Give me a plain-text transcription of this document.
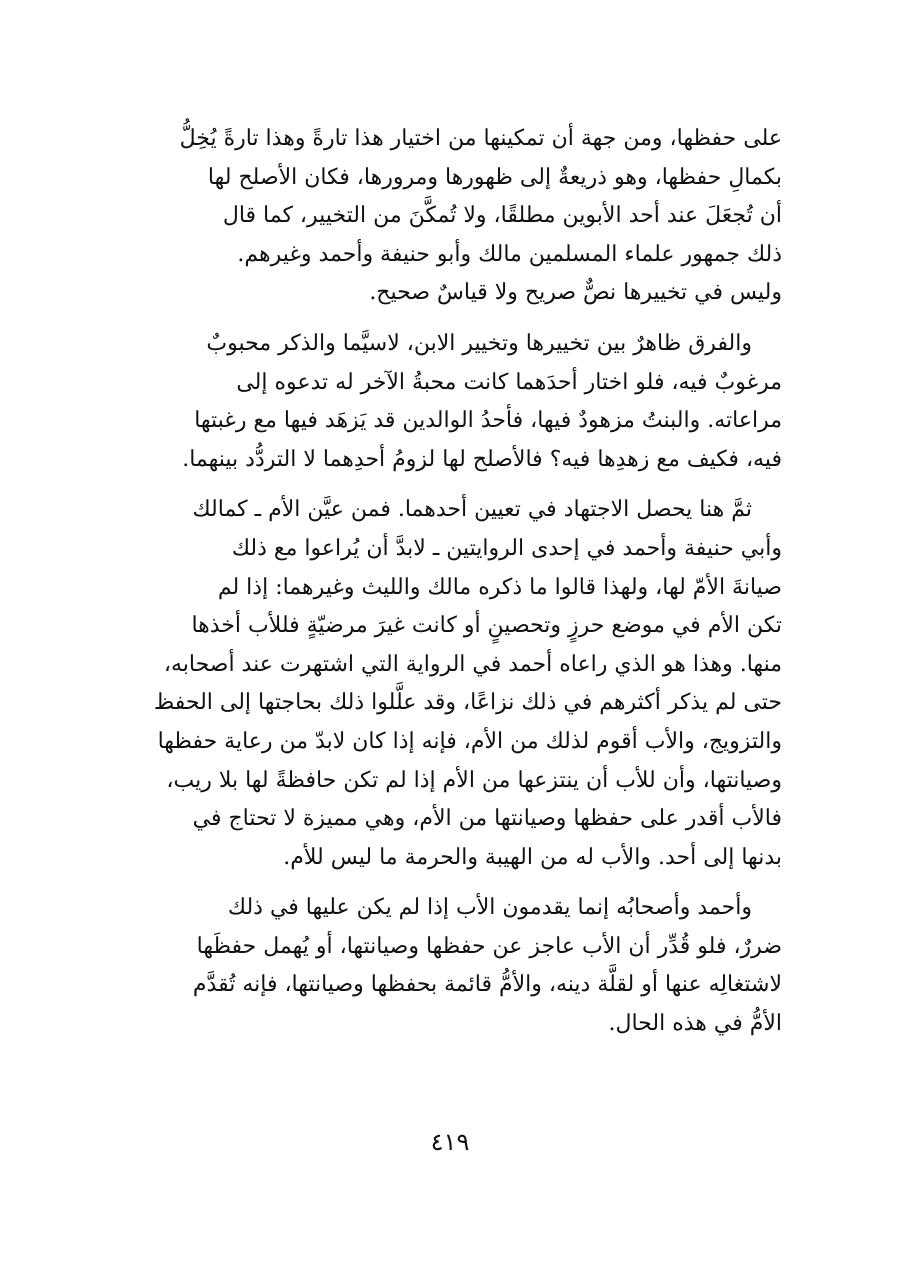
على حفظها، ومن جهة أن تمكينها من اختيار هذا تارةً وهذا تارةً يُخِلُّ
بكمالِ حفظها، وهو ذريعةٌ إلى ظهورها ومرورها، فكان الأصلح لها
أن تُجعَلَ عند أحد الأبوين مطلقًا، ولا تُمكَّنَ من التخيير، كما قال
ذلك جمهور علماء المسلمين مالك وأبو حنيفة وأحمد وغيرهم.
وليس في تخييرها نصٌّ صريح ولا قياسٌ صحيح.

والفرق ظاهرٌ بين تخييرها وتخيير الابن، لاسيَّما والذكر محبوبٌ
مرغوبٌ فيه، فلو اختار أحدَهما كانت محبةُ الآخر له تدعوه إلى
مراعاته. والبنتُ مزهودٌ فيها، فأحدُ الوالدين قد يَزهَد فيها مع رغبتها
فيه، فكيف مع زهدِها فيه؟ فالأصلح لها لزومُ أحدِهما لا التردُّد بينهما.

ثمَّ هنا يحصل الاجتهاد في تعيين أحدهما. فمن عيَّن الأم ـ كمالك
وأبي حنيفة وأحمد في إحدى الروايتين ـ لابدَّ أن يُراعوا مع ذلك
صيانةَ الأمّ لها، ولهذا قالوا ما ذكره مالك والليث وغيرهما: إذا لم
تكن الأم في موضع حرزٍ وتحصينٍ أو كانت غيرَ مرضيّةٍ فللأب أخذها
منها. وهذا هو الذي راعاه أحمد في الرواية التي اشتهرت عند أصحابه،
حتى لم يذكر أكثرهم في ذلك نزاعًا، وقد علَّلوا ذلك بحاجتها إلى الحفظ
والتزويج، والأب أقوم لذلك من الأم، فإنه إذا كان لابدّ من رعاية حفظها
وصيانتها، وأن للأب أن ينتزعها من الأم إذا لم تكن حافظةً لها بلا ريب،
فالأب أقدر على حفظها وصيانتها من الأم، وهي مميزة لا تحتاج في
بدنها إلى أحد. والأب له من الهيبة والحرمة ما ليس للأم.

وأحمد وأصحابُه إنما يقدمون الأب إذا لم يكن عليها في ذلك
ضررٌ، فلو قُدِّر أن الأب عاجز عن حفظها وصيانتها، أو يُهمل حفظَها
لاشتغالِه عنها أو لقلَّة دينه، والأمُّ قائمة بحفظها وصيانتها، فإنه تُقدَّم
الأمُّ في هذه الحال.

٤١٩
